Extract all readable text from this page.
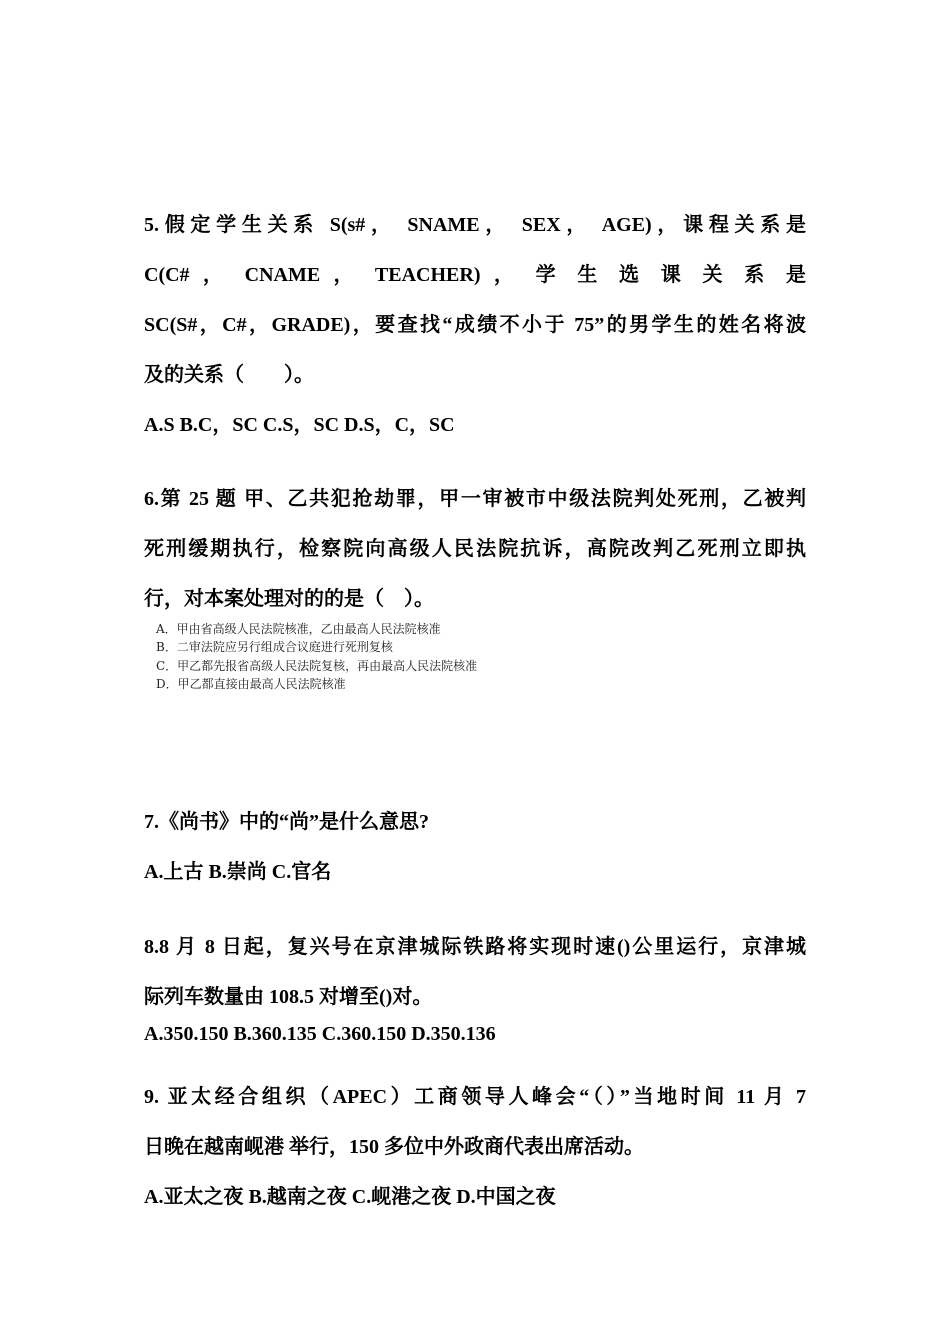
5.假定学生关系 S(s#， SNAME， SEX， AGE)，课程关系是
C(C# ， CNAME ， TEACHER) ， 学 生 选 课 关 系 是
SC(S#，C#，GRADE)，要查找“成绩不小于 75”的男学生的姓名将波
及的关系（　　）。
A.S B.C，SC C.S，SC D.S，C，SC
6.第 25 题 甲、乙共犯抢劫罪，甲一审被市中级法院判处死刑，乙被判
死刑缓期执行，检察院向高级人民法院抗诉，高院改判乙死刑立即执
行，对本案处理对的的是（　）。
A．甲由省高级人民法院核准，乙由最高人民法院核准
B．二审法院应另行组成合议庭进行死刑复核
C．甲乙都先报省高级人民法院复核，再由最高人民法院核准
D．甲乙都直接由最高人民法院核准
7.《尚书》中的“尚”是什么意思?
A.上古 B.崇尚 C.官名
8.8 月 8 日起，复兴号在京津城际铁路将实现时速()公里运行，京津城
际列车数量由 108.5 对增至()对。
A.350.150 B.360.135 C.360.150 D.350.136
9. 亚太经合组织（APEC）工商领导人峰会“（）”当地时间 11 月 7
日晚在越南岘港 举行，150 多位中外政商代表出席活动。
A.亚太之夜 B.越南之夜 C.岘港之夜 D.中国之夜
